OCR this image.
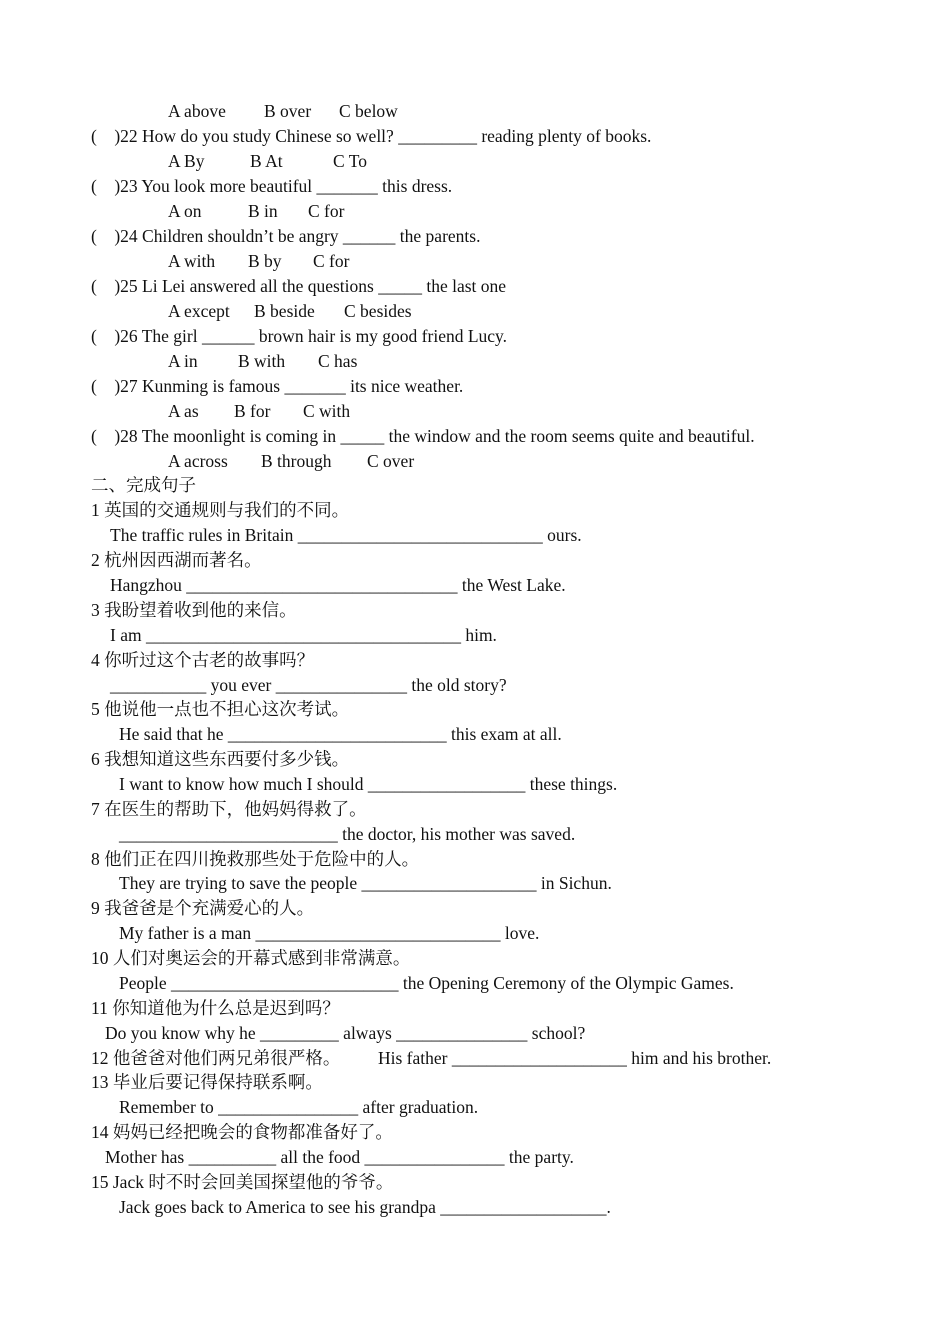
A above B over C below
(    )22 How do you study Chinese so well? _________ reading plenty of books.
A By	B At	C To
(    )23 You look more beautiful _______ this dress.
A on	B in C for
(    )24 Children shouldn’t be angry ______ the parents.
A with B by C for
(    )25 Li Lei answered all the questions _____ the last one
A except B beside C besides
(    )26 The girl ______ brown hair is my good friend Lucy.
A in B with C has
(    )27 Kunming is famous _______ its nice weather.
A as B for C with
(    )28 The moonlight is coming in _____ the window and the room seems quite and beautiful.
A across B through C over
二、完成句子
1 英国的交通规则与我们的不同。
The traffic rules in Britain ____________________________ ours.
2 杭州因西湖而著名。
Hangzhou _______________________________ the West Lake.
3 我盼望着收到他的来信。
I am ____________________________________ him.
4 你听过这个古老的故事吗？
___________ you ever _______________ the old story?
5 他说他一点也不担心这次考试。
He said that he _________________________ this exam at all.
6 我想知道这些东西要付多少钱。
I want to know how much I should __________________ these things.
7 在医生的帮助下，他妈妈得救了。
_________________________ the doctor, his mother was saved.
8 他们正在四川挽救那些处于危险中的人。
They are trying to save the people ____________________ in Sichun.
9 我爸爸是个充满爱心的人。
My father is a man ____________________________ love.
10 人们对奥运会的开幕式感到非常满意。
People __________________________ the Opening Ceremony of the Olympic Games.
11 你知道他为什么总是迟到吗？
Do you know why he _________ always _______________ school?
12 他爸爸对他们两兄弟很严格。 His father ____________________ him and his brother.
13 毕业后要记得保持联系啊。
Remember to ________________ after graduation.
14 妈妈已经把晚会的食物都准备好了。
Mother has __________ all the food ________________ the party.
15 Jack 时不时会回美国探望他的爷爷。
Jack goes back to America to see his grandpa ___________________.
